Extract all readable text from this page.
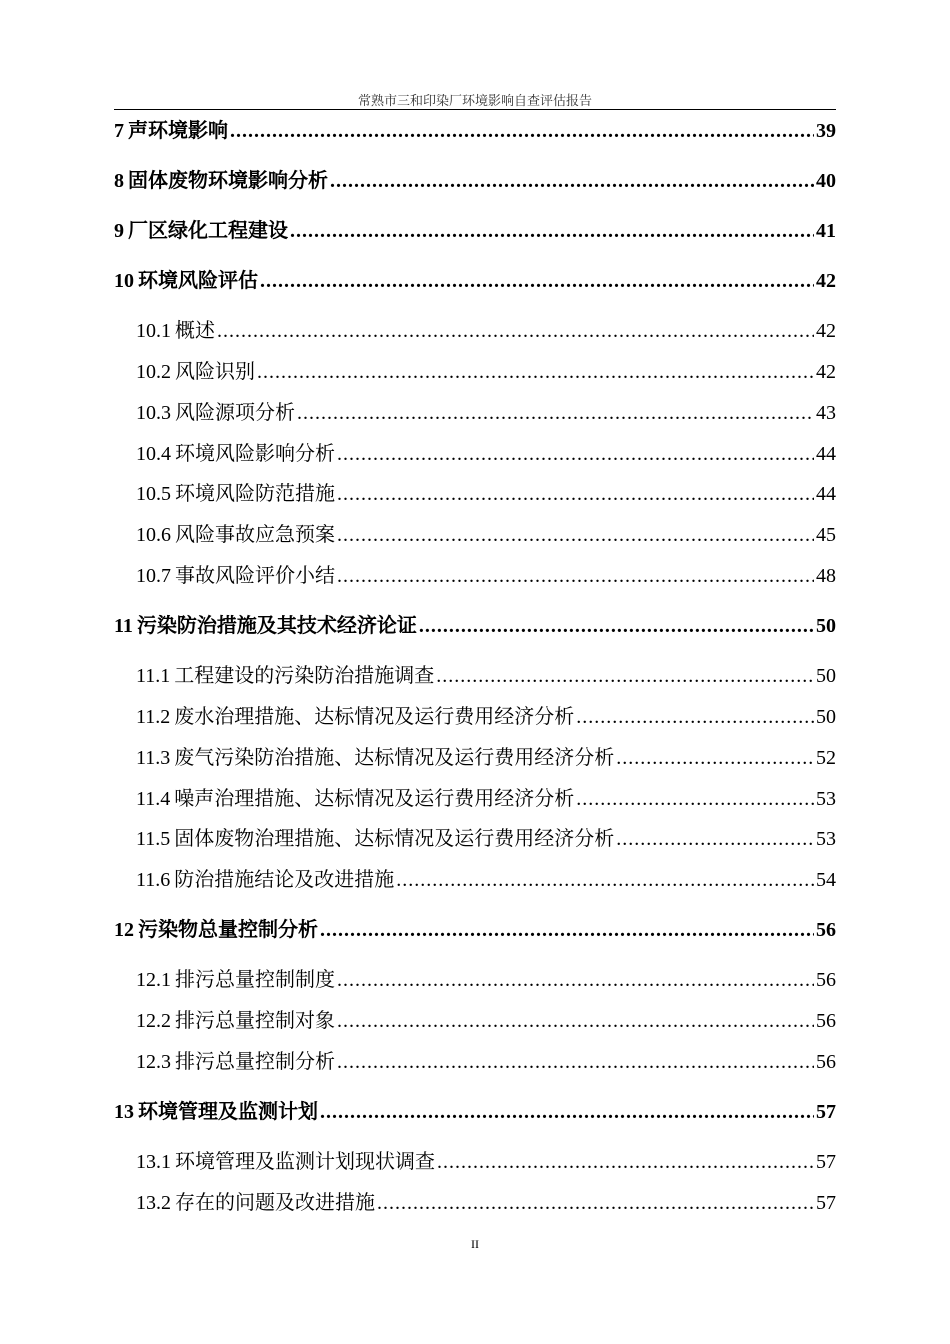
常熟市三和印染厂环境影响自查评估报告
7 声环境影响 .....	39
8 固体废物环境影响分析 .....	40
9 厂区绿化工程建设 .....	41
10 环境风险评估 .....	42
10.1 概述 .....	42
10.2 风险识别 .....	42
10.3 风险源项分析 .....	43
10.4 环境风险影响分析 .....	44
10.5 环境风险防范措施 .....	44
10.6 风险事故应急预案 .....	45
10.7 事故风险评价小结 .....	48
11 污染防治措施及其技术经济论证 .....	50
11.1 工程建设的污染防治措施调查 .....	50
11.2 废水治理措施、达标情况及运行费用经济分析 .....	50
11.3 废气污染防治措施、达标情况及运行费用经济分析 .....	52
11.4 噪声治理措施、达标情况及运行费用经济分析 .....	53
11.5 固体废物治理措施、达标情况及运行费用经济分析 .....	53
11.6 防治措施结论及改进措施 .....	54
12 污染物总量控制分析 .....	56
12.1 排污总量控制制度 .....	56
12.2 排污总量控制对象 .....	56
12.3 排污总量控制分析 .....	56
13 环境管理及监测计划 .....	57
13.1 环境管理及监测计划现状调查 .....	57
13.2 存在的问题及改进措施 .....	57
II
